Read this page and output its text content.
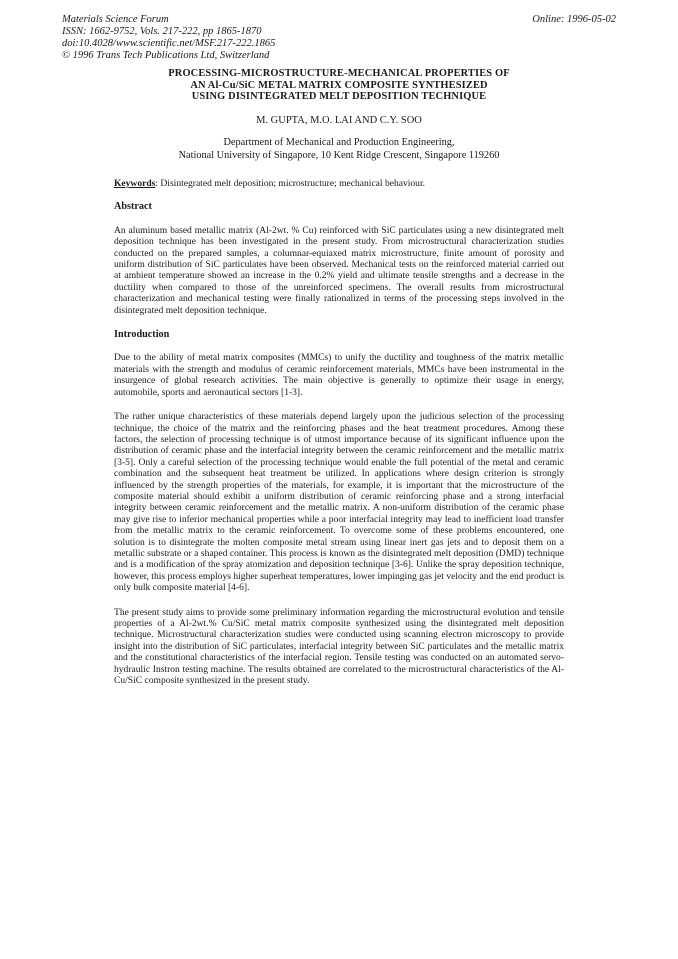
Materials Science Forum
ISSN: 1662-9752, Vols. 217-222, pp 1865-1870
doi:10.4028/www.scientific.net/MSF.217-222.1865
© 1996 Trans Tech Publications Ltd, Switzerland
Online: 1996-05-02
PROCESSING-MICROSTRUCTURE-MECHANICAL PROPERTIES OF
AN Al-Cu/SiC METAL MATRIX COMPOSITE SYNTHESIZED
USING DISINTEGRATED MELT DEPOSITION TECHNIQUE
M. GUPTA, M.O. LAI AND C.Y. SOO
Department of Mechanical and Production Engineering,
National University of Singapore, 10 Kent Ridge Crescent, Singapore 119260

Keywords: Disintegrated melt deposition; microstructure; mechanical behaviour.

Abstract

An aluminum based metallic matrix (Al-2wt. % Cu) reinforced with SiC particulates using a new disintegrated melt deposition technique has been investigated in the present study. From microstructural characterization studies conducted on the prepared samples, a columnar-equiaxed matrix microstructure, finite amount of porosity and uniform distribution of SiC particulates have been observed. Mechanical tests on the reinforced material carried out at ambient temperature showed an increase in the 0.2% yield and ultimate tensile strengths and a decrease in the ductility when compared to those of the unreinforced specimens. The overall results from microstructural characterization and mechanical testing were finally rationalized in terms of the processing steps involved in the disintegrated melt deposition technique.

Introduction

Due to the ability of metal matrix composites (MMCs) to unify the ductility and toughness of the matrix metallic materials with the strength and modulus of ceramic reinforcement materials, MMCs have been instrumental in the insurgence of global research activities. The main objective is generally to optimize their usage in energy, automobile, sports and aeronautical sectors [1-3].

The rather unique characteristics of these materials depend largely upon the judicious selection of the processing technique, the choice of the matrix and the reinforcing phases and the heat treatment procedures. Among these factors, the selection of processing technique is of utmost importance because of its significant influence upon the distribution of ceramic phase and the interfacial integrity between the ceramic reinforcement and the metallic matrix [3-5]. Only a careful selection of the processing technique would enable the full potential of the metal and ceramic combination and the subsequent heat treatment be utilized. In applications where design criterion is strongly influenced by the strength properties of the materials, for example, it is important that the microstructure of the composite material should exhibit a uniform distribution of ceramic reinforcing phase and a strong interfacial integrity between ceramic reinforcement and the metallic matrix. A non-uniform distribution of the ceramic phase may give rise to inferior mechanical properties while a poor interfacial integrity may lead to inefficient load transfer from the metallic matrix to the ceramic reinforcement. To overcome some of these problems encountered, one solution is to disintegrate the molten composite metal stream using linear inert gas jets and to deposit them on a metallic substrate or a shaped container. This process is known as the disintegrated melt deposition (DMD) technique and is a modification of the spray atomization and deposition technique [3-6]. Unlike the spray deposition technique, however, this process employs higher superheat temperatures, lower impinging gas jet velocity and the end product is only bulk composite material [4-6].

The present study aims to provide some preliminary information regarding the microstructural evolution and tensile properties of a Al-2wt.% Cu/SiC metal matrix composite synthesized using the disintegrated melt deposition technique. Microstructural characterization studies were conducted using scanning electron microscopy to provide insight into the distribution of SiC particulates, interfacial integrity between SiC particulates and the metallic matrix and the constitutional characteristics of the interfacial region. Tensile testing was conducted on an automated servo-hydraulic Instron testing machine. The results obtained are correlated to the microstructural characteristics of the Al-Cu/SiC composite synthesized in the present study.
